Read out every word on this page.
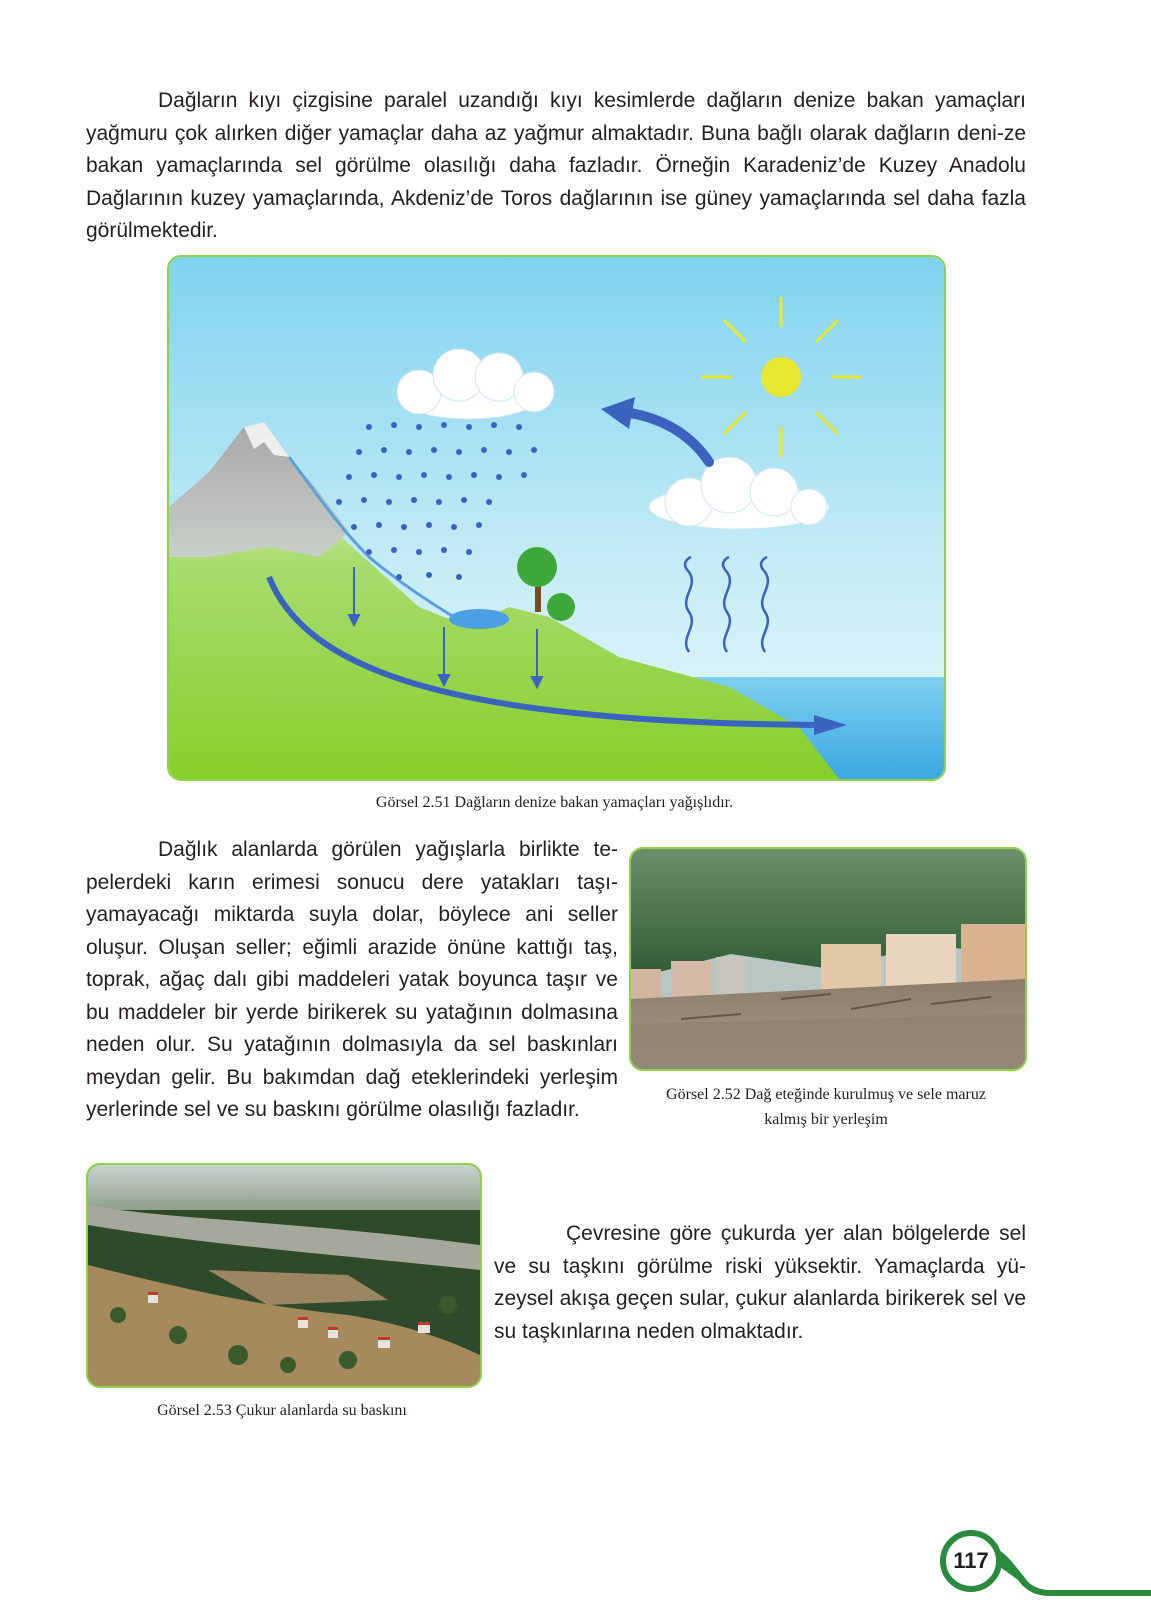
Dağların kıyı çizgisine paralel uzandığı kıyı kesimlerde dağların denize bakan yamaçları yağmuru çok alırken diğer yamaçlar daha az yağmur almaktadır. Buna bağlı olarak dağların deni-ze bakan yamaçlarında sel görülme olasılığı daha fazladır. Örneğin Karadeniz’de Kuzey Anadolu Dağlarının kuzey yamaçlarında, Akdeniz’de Toros dağlarının ise güney yamaçlarında sel daha fazla görülmektedir.

Görsel 2.51 Dağların denize bakan yamaçları yağışlıdır.

Dağlık alanlarda görülen yağışlarla birlikte te-pelerdeki karın erimesi sonucu dere yatakları taşı-yamayacağı miktarda suyla dolar, böylece ani seller oluşur. Oluşan seller; eğimli arazide önüne kattığı taş, toprak, ağaç dalı gibi maddeleri yatak boyunca taşır ve bu maddeler bir yerde birikerek su yatağının dolmasına neden olur. Su yatağının dolmasıyla da sel baskınları meydan gelir. Bu bakımdan dağ eteklerindeki yerleşim yerlerinde sel ve su baskını görülme olasılığı fazladır.

Görsel 2.52 Dağ eteğinde kurulmuş ve sele maruz

kalmış bir yerleşim

Görsel 2.53 Çukur alanlarda su baskını

Çevresine göre çukurda yer alan bölgelerde sel ve su taşkını görülme riski yüksektir. Yamaçlarda yü-zeysel akışa geçen sular, çukur alanlarda birikerek sel ve su taşkınlarına neden olmaktadır.

117
